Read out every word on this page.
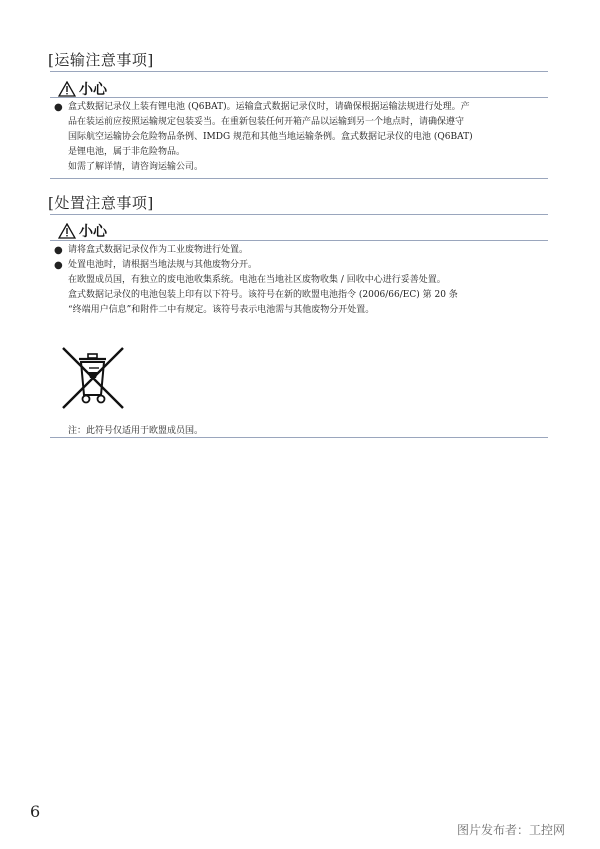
[运输注意事项]
小心
● 盒式数据记录仪上装有锂电池 (Q6BAT)。运输盒式数据记录仪时，请确保根据运输法规进行处理。产
品在装运前应按照运输规定包装妥当。在重新包装任何开箱产品以运输到另一个地点时，请确保遵守
国际航空运输协会危险物品条例、IMDG 规范和其他当地运输条例。盒式数据记录仪的电池 (Q6BAT)
是锂电池，属于非危险物品。
如需了解详情，请咨询运输公司。
[处置注意事项]
小心
● 请将盒式数据记录仪作为工业废物进行处置。
● 处置电池时，请根据当地法规与其他废物分开。
在欧盟成员国，有独立的废电池收集系统。电池在当地社区废物收集 / 回收中心进行妥善处置。
盒式数据记录仪的电池包装上印有以下符号。该符号在新的欧盟电池指令 (2006/66/EC) 第 20 条
“终端用户信息”和附件二中有规定。该符号表示电池需与其他废物分开处置。
注：此符号仅适用于欧盟成员国。
6
图片发布者：工控网
